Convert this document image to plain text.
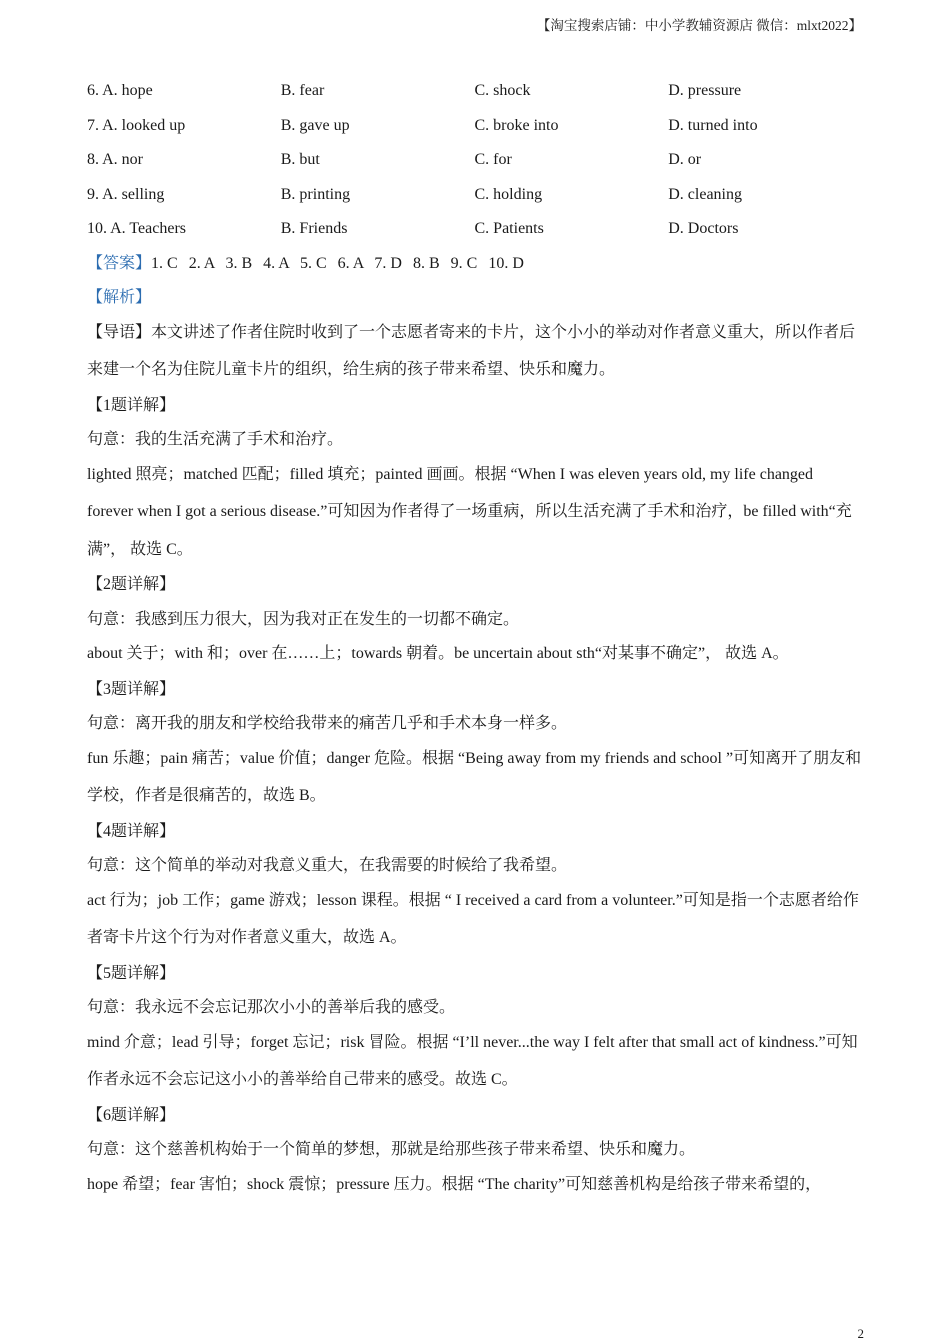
【淘宝搜索店铺：中小学教辅资源店 微信：mlxt2022】
6. A. hope	B. fear	C. shock	D. pressure
7. A. looked up	B. gave up	C. broke into	D. turned into
8. A. nor	B. but	C. for	D. or
9. A. selling	B. printing	C. holding	D. cleaning
10. A. Teachers	B. Friends	C. Patients	D. Doctors
【答案】1. C 2. A 3. B 4. A 5. C 6. A 7. D 8. B 9. C 10. D
【解析】
【导语】本文讲述了作者住院时收到了一个志愿者寄来的卡片，这个小小的举动对作者意义重大，所以作者后来建一个名为住院儿童卡片的组织，给生病的孩子带来希望、快乐和魔力。
【1题详解】
句意：我的生活充满了手术和治疗。
lighted 照亮；matched 匹配；filled 填充；painted 画画。根据 “When I was eleven years old, my life changed forever when I got a serious disease.”可知因为作者得了一场重病，所以生活充满了手术和治疗，be filled with“充满”， 故选 C。
【2题详解】
句意：我感到压力很大，因为我对正在发生的一切都不确定。
about 关于；with 和；over 在……上；towards 朝着。be uncertain about sth“对某事不确定”， 故选 A。
【3题详解】
句意：离开我的朋友和学校给我带来的痛苦几乎和手术本身一样多。
fun 乐趣；pain 痛苦；value 价值；danger 危险。根据 “Being away from my friends and school ”可知离开了朋友和学校，作者是很痛苦的，故选 B。
【4题详解】
句意：这个简单的举动对我意义重大，在我需要的时候给了我希望。
act 行为；job 工作；game 游戏；lesson 课程。根据 “ I received a card from a volunteer.”可知是指一个志愿者给作者寄卡片这个行为对作者意义重大，故选 A。
【5题详解】
句意：我永远不会忘记那次小小的善举后我的感受。
mind 介意；lead 引导；forget 忘记；risk 冒险。根据 “I’ll never...the way I felt after that small act of kindness.”可知作者永远不会忘记这小小的善举给自己带来的感受。故选 C。
【6题详解】
句意：这个慈善机构始于一个简单的梦想，那就是给那些孩子带来希望、快乐和魔力。
hope 希望；fear 害怕；shock 震惊；pressure 压力。根据 “The charity”可知慈善机构是给孩子带来希望的，
2
